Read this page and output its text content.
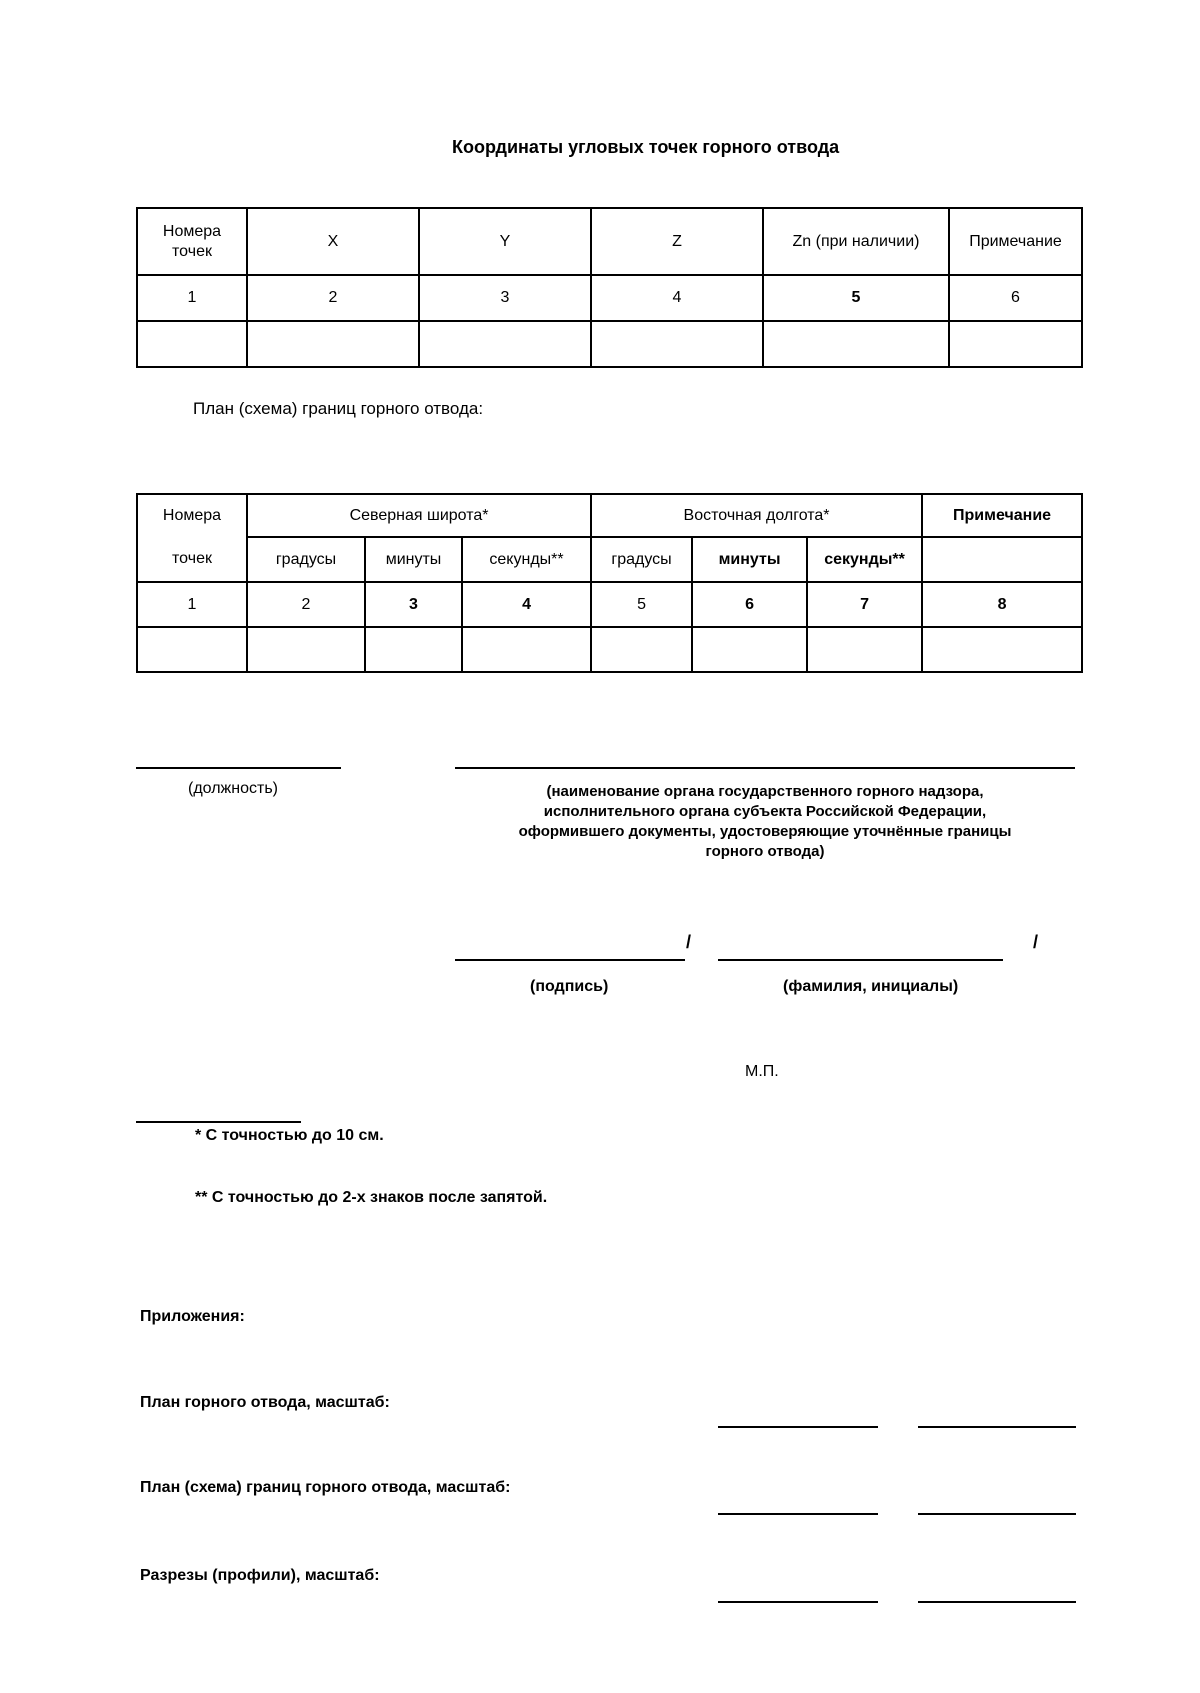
Координаты угловых точек горного отвода
Номера точек	X	Y	Z	Zn (при наличии)	Примечание
1	2	3	4	5	6

План (схема) границ горного отвода:
Номера	Северная широта*			Восточная долгота*			Примечание
точек	градусы	минуты	секунды**	градусы	минуты	секунды**	
1	2	3	4	5	6	7	8

(должность)	(наименование органа государственного горного надзора,
исполнительного органа субъекта Российской Федерации,
оформившего документы, удостоверяющие уточнённые границы
горного отвода)
/	/
(подпись)	(фамилия, инициалы)
М.П.
* С точностью до 10 см.
** С точностью до 2-х знаков после запятой.
Приложения:
План горного отвода, масштаб:
План (схема) границ горного отвода, масштаб:
Разрезы (профили), масштаб:
